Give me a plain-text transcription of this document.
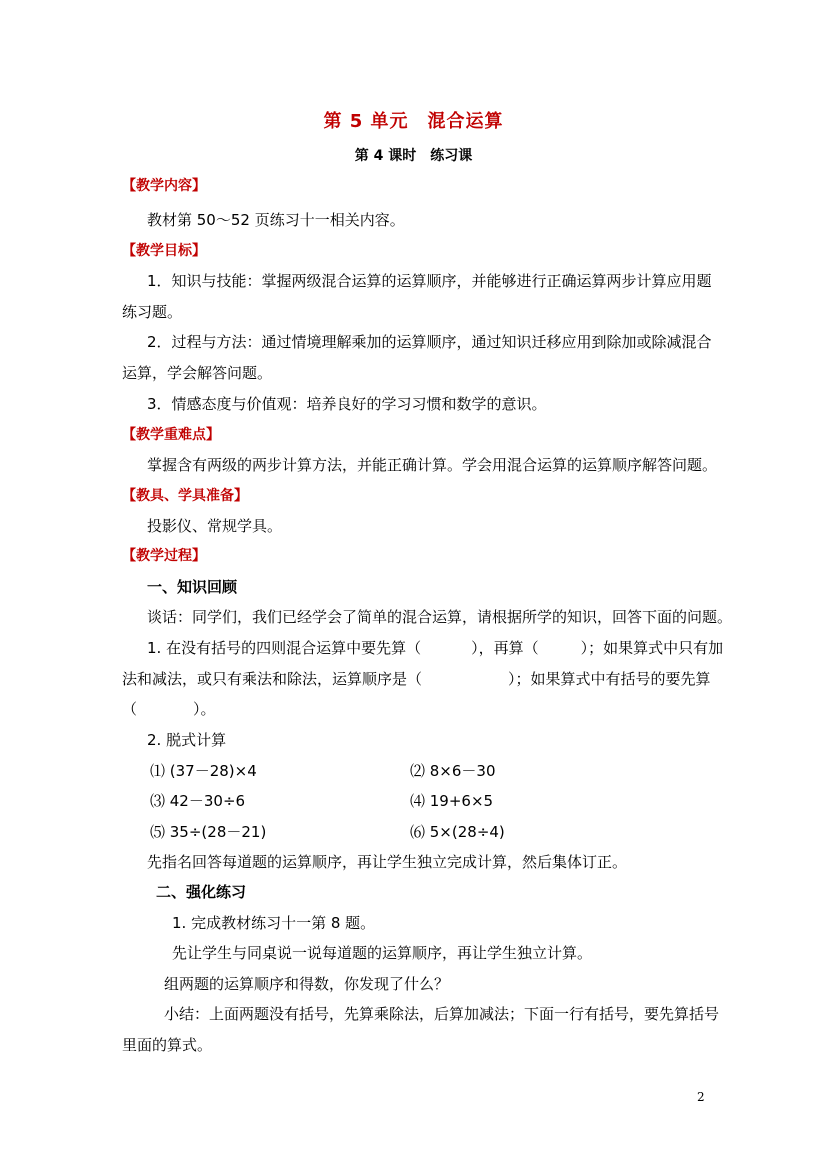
第 5 单元　混合运算
第 4 课时　练习课
【教学内容】
教材第 50～52 页练习十一相关内容。
【教学目标】
1．知识与技能：掌握两级混合运算的运算顺序，并能够进行正确运算两步计算应用题
练习题。
2．过程与方法：通过情境理解乘加的运算顺序，通过知识迁移应用到除加或除减混合
运算，学会解答问题。
3．情感态度与价值观：培养良好的学习习惯和数学的意识。
【教学重难点】
掌握含有两级的两步计算方法，并能正确计算。学会用混合运算的运算顺序解答问题。
【教具、学具准备】
投影仪、常规学具。
【教学过程】
一、知识回顾
谈话：同学们，我们已经学会了简单的混合运算，请根据所学的知识，回答下面的问题。
1. 在没有括号的四则混合运算中要先算（	），再算（	）；如果算式中只有加
法和减法，或只有乘法和除法，运算顺序是（	）；如果算式中有括号的要先算
（	）。
2. 脱式计算
⑴ (37－28)×4	⑵ 8×6－30
⑶ 42－30÷6	⑷ 19+6×5
⑸ 35÷(28－21)	⑹ 5×(28÷4)
先指名回答每道题的运算顺序，再让学生独立完成计算，然后集体订正。
二、强化练习
1. 完成教材练习十一第 8 题。
先让学生与同桌说一说每道题的运算顺序，再让学生独立计算。
组两题的运算顺序和得数，你发现了什么？
小结：上面两题没有括号，先算乘除法，后算加减法；下面一行有括号，要先算括号
里面的算式。
2
